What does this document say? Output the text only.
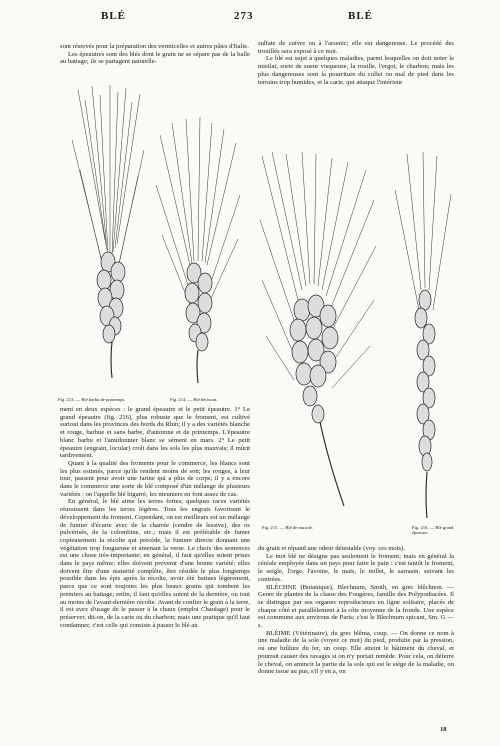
BLÉ	273	BLÉ

sont réservés pour la préparation des vermicelles et autres pâtes d'Italie.

Les épeautres sont des blés dont le grain ne se sépare pas de la balle au battage; ils se partagent naturelle-

sulfate de cuivre ou à l'arsenic; elle est dangereuse. Le procédé des trouillés sera exposé à ce mot.

Le blé est sujet à quelques maladies, parmi lesquelles on doit noter le mieilat, sorte de sueur visqueuse, la rouille, l'ergot, le charbon; mais les plus dangereuses sont la pourriture du collet ou mal de pied dans les terrains trop humides, et la carie, qui attaque l'intérieur

Fig. 213. — Blé barbu de printemps.	Fig. 214. — Blé hérisson.

ment en deux espèces : le grand épeautre et le petit épeautre. 1° Le grand épeautre (fig. 216), plus robuste que le froment, est cultivé surtout dans les provinces des bords du Rhin; il y a des variétés blanche et rouge, barbue et sans barbe, d'automne et de printemps. L'épeautre blanc barbu et l'amidonnier blanc se sèment en mars. 2° Le petit épeautre (engrain, locular) croît dans les sols les plus mauvais; il mûrit tardivement.

Quant à la qualité des froments pour le commerce, les blancs sont les plus estimés, parce qu'ils rendent moins de son; les rouges, à leur tour, passent pour avoir une farine qui a plus de corps; il y a encore dans le commerce une sorte de blé composé d'un mélange de plusieurs variétés : on l'appelle blé bigarré; les meuniers en font assez de cas.

En général, le blé aime les terres fortes; quelques races variétés réussissent dans les terres légères. Tous les engrais favorisent le développement du froment. Cependant, on est meilleurs est un mélange de fumier d'écurie avec de la charrée (cendre de lessive), des os pulvérisés, de la colombine, etc.; mais il est préférable de fumer copieusement la récolte qui précède, la fumure directe donnant une végétation trop fougueuse et amenant la verse. Le choix des semences est une chose très-importante; en général, il faut qu'elles soient prises dans le pays même; elles doivent provenir d'une bonne variété; elles doivent être d'une maturité complète, être résidée le plus longtemps possible dans les épis après la récolte, avoir été battues légèrement, parce que ce sont toujours les plus beaux grains qui tombent les premiers au battage; enfin, il faut qu'elles soient de la dernière, ou tout au moins de l'avant-dernière récolte. Avant de confier le grain à la terre, il est avez d'usage de le passer à la chaux (emploi Chaulage) pour le préserver, dit-on, de la carie ou du charbon; mais une pratique qu'il faut condamner, c'est celle qui consiste à passer le blé au

Fig. 215. — Blé de miracle.	Fig. 216. — Blé grand épeautre.

du grain et répand une odeur détestable (voy. ces mots).

Le mot blé ne désigne pas seulement le froment; mais en général la céréale employée dans un pays pour faire le pain : c'est tantôt le froment, le seigle, l'orge, l'avoine, le maïs, le millet, le sarrasin, suivant les contrées.

BLÉCHNE (Botanique), Blechnum, Smith, en grec blêchnon. — Genre de plantes de la classe des Fougères, famille des Polypodiacées. Il se distingue par ses organes reproducteurs en ligne solitaire, placés de chaque côté et parallèlement à la côte moyenne de la fronde. Une espèce est commune aux environs de Paris; c'est le Blechnum spicant, Sm. G — s.

BLÈIME (Vétérinaire), du grec blêma, coup. — On donne ce nom à une maladie de la sole (voyez ce mot) du pied, produite par la pression, ou une brûlure du fer, un coup. Elle atteint le bâtiment du cheval, et pourrait causer des ravages si on n'y portait remède. Pour cela, on déferre le cheval, on amincit la partie de la sole qui est le siège de la maladie, on donne issue au pus, s'il y en a, on

18
